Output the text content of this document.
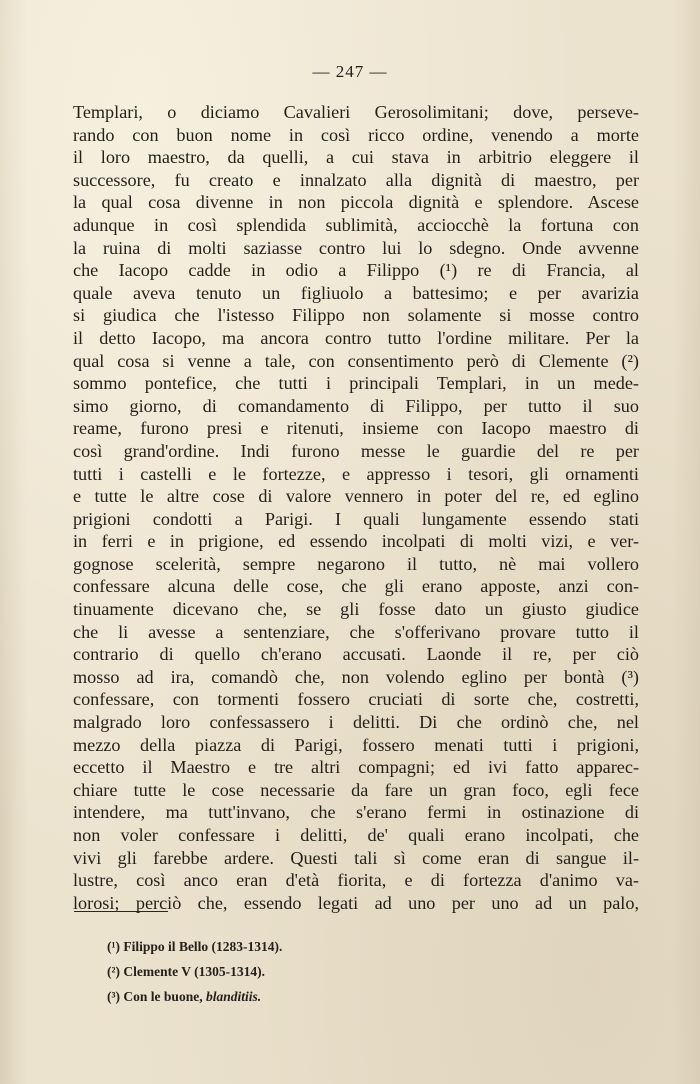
— 247 —
Templari, o diciamo Cavalieri Gerosolimitani; dove, perseve-
rando con buon nome in così ricco ordine, venendo a morte
il loro maestro, da quelli, a cui stava in arbitrio eleggere il
successore, fu creato e innalzato alla dignità di maestro, per
la qual cosa divenne in non piccola dignità e splendore. Ascese
adunque in così splendida sublimità, acciocchè la fortuna con
la ruina di molti saziasse contro lui lo sdegno. Onde avvenne
che Iacopo cadde in odio a Filippo (¹) re di Francia, al
quale aveva tenuto un figliuolo a battesimo; e per avarizia
si giudica che l'istesso Filippo non solamente si mosse contro
il detto Iacopo, ma ancora contro tutto l'ordine militare. Per la
qual cosa si venne a tale, con consentimento però di Clemente (²)
sommo pontefice, che tutti i principali Templari, in un mede-
simo giorno, di comandamento di Filippo, per tutto il suo
reame, furono presi e ritenuti, insieme con Iacopo maestro di
così grand'ordine. Indi furono messe le guardie del re per
tutti i castelli e le fortezze, e appresso i tesori, gli ornamenti
e tutte le altre cose di valore vennero in poter del re, ed eglino
prigioni condotti a Parigi. I quali lungamente essendo stati
in ferri e in prigione, ed essendo incolpati di molti vizi, e ver-
gognose scelerità, sempre negarono il tutto, nè mai vollero
confessare alcuna delle cose, che gli erano apposte, anzi con-
tinuamente dicevano che, se gli fosse dato un giusto giudice
che li avesse a sentenziare, che s'offerivano provare tutto il
contrario di quello ch'erano accusati. Laonde il re, per ciò
mosso ad ira, comandò che, non volendo eglino per bontà (³)
confessare, con tormenti fossero cruciati di sorte che, costretti,
malgrado loro confessassero i delitti. Di che ordinò che, nel
mezzo della piazza di Parigi, fossero menati tutti i prigioni,
eccetto il Maestro e tre altri compagni; ed ivi fatto apparec-
chiare tutte le cose necessarie da fare un gran foco, egli fece
intendere, ma tutt'invano, che s'erano fermi in ostinazione di
non voler confessare i delitti, de' quali erano incolpati, che
vivi gli farebbe ardere. Questi tali sì come eran di sangue il-
lustre, così anco eran d'età fiorita, e di fortezza d'animo va-
lorosi; perciò che, essendo legati ad uno per uno ad un palo,
(¹) Filippo il Bello (1283-1314).
(²) Clemente V (1305-1314).
(³) Con le buone, blanditiis.
